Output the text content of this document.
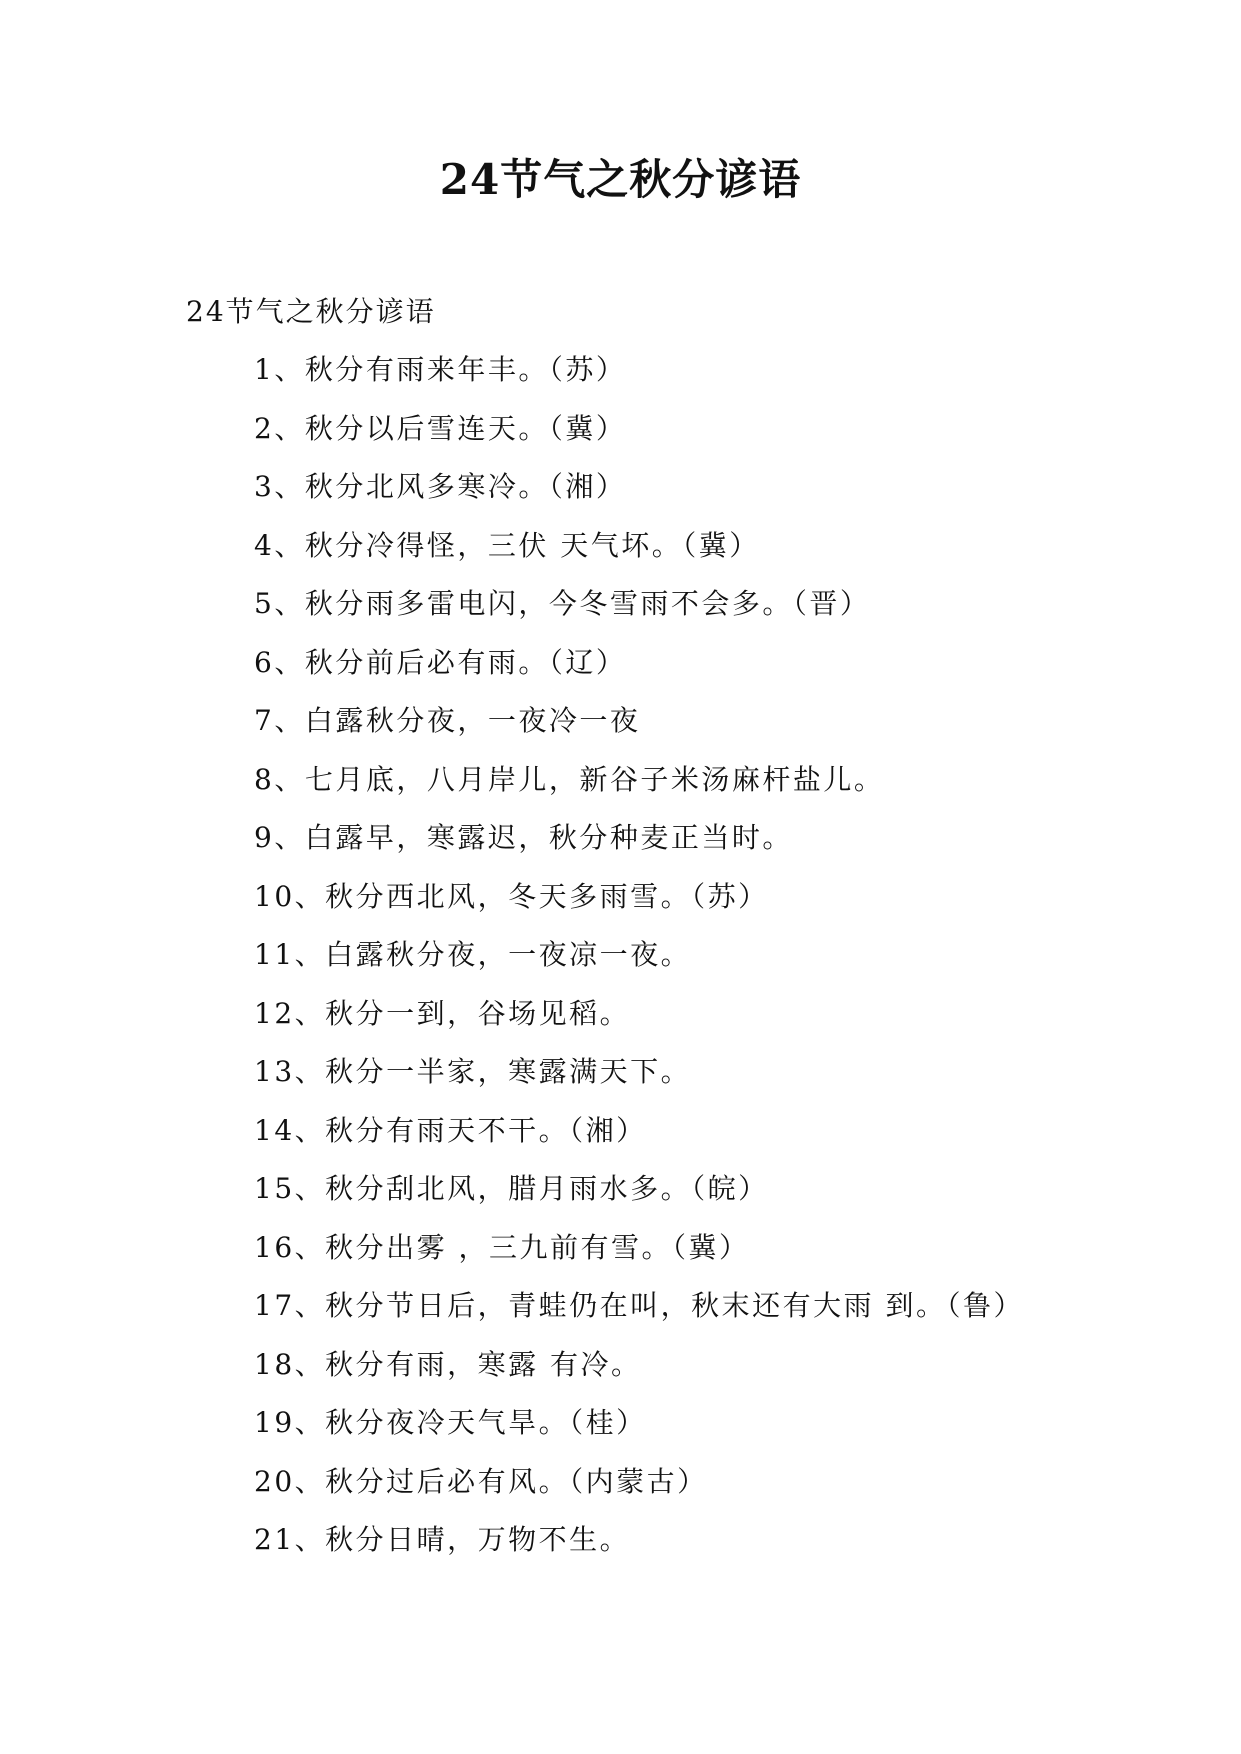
24节气之秋分谚语
24节气之秋分谚语
1、秋分有雨来年丰。（苏）
2、秋分以后雪连天。（冀）
3、秋分北风多寒冷。（湘）
4、秋分冷得怪，三伏 天气坏。（冀）
5、秋分雨多雷电闪，今冬雪雨不会多。（晋）
6、秋分前后必有雨。（辽）
7、白露秋分夜，一夜冷一夜
8、七月底，八月岸儿，新谷子米汤麻杆盐儿。
9、白露早，寒露迟，秋分种麦正当时。
10、秋分西北风，冬天多雨雪。（苏）
11、白露秋分夜，一夜凉一夜。
12、秋分一到，谷场见稻。
13、秋分一半家，寒露满天下。
14、秋分有雨天不干。（湘）
15、秋分刮北风，腊月雨水多。（皖）
16、秋分出雾 ，三九前有雪。（冀）
17、秋分节日后，青蛙仍在叫，秋末还有大雨 到。（鲁）
18、秋分有雨，寒露 有冷。
19、秋分夜冷天气旱。（桂）
20、秋分过后必有风。（内蒙古）
21、秋分日晴，万物不生。
